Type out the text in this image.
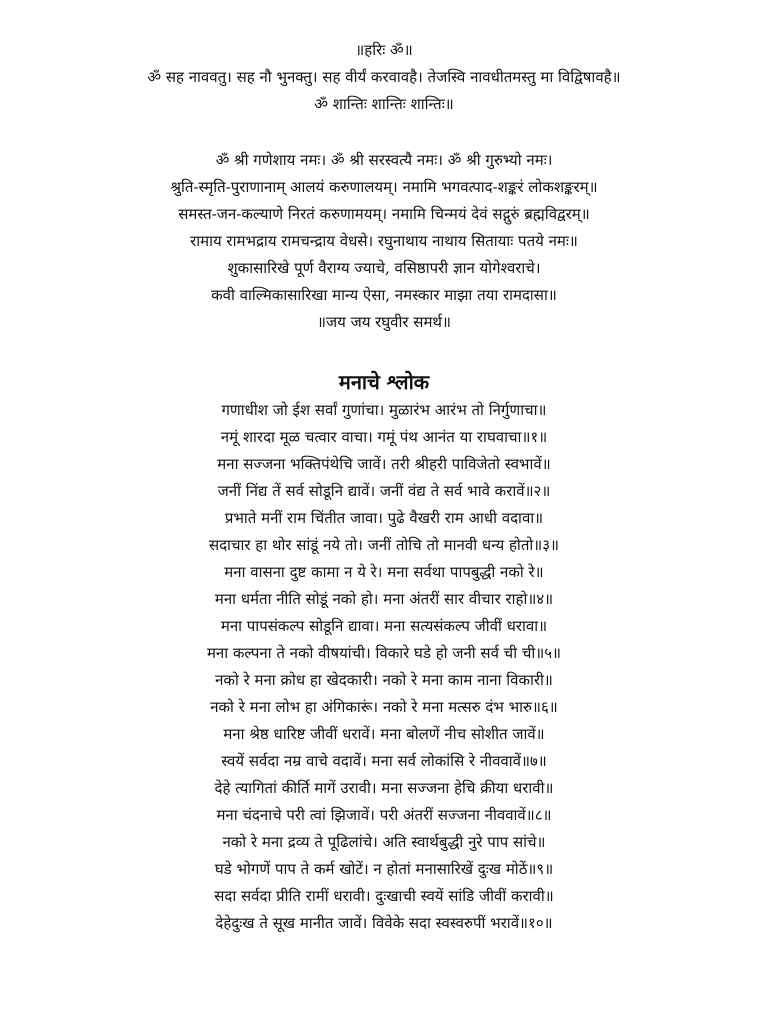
॥हरिः ॐ॥
ॐ सह नाववतु। सह नौ भुनक्तु। सह वीर्यं करवावहै। तेजस्वि नावधीतमस्तु मा विद्विषावहै॥
ॐ शान्तिः शान्तिः शान्तिः॥
ॐ श्री गणेशाय नमः। ॐ श्री सरस्वत्यै नमः। ॐ श्री गुरुभ्यो नमः।
श्रुति-स्मृति-पुराणानाम् आलयं करुणालयम्। नमामि भगवत्पाद-शङ्करं लोकशङ्करम्॥
समस्त-जन-कल्याणे निरतं करुणामयम्। नमामि चिन्मयं देवं सद्गुरुं ब्रह्मविद्वरम्॥
रामाय रामभद्राय रामचन्द्राय वेधसे। रघुनाथाय नाथाय सितायाः पतये नमः॥
शुकासारिखे पूर्ण वैराग्य ज्याचे, वसिष्ठापरी ज्ञान योगेश्वराचे।
कवी वाल्मिकासारिखा मान्य ऐसा, नमस्कार माझा तया रामदासा॥
॥जय जय रघुवीर समर्थ॥
मनाचे श्लोक
गणाधीश जो ईश सर्वां गुणांचा। मुळारंभ आरंभ तो निर्गुणाचा॥
नमूं शारदा मूळ चत्वार वाचा। गमूं पंथ आनंत या राघवाचा॥१॥
मना सज्जना भक्तिपंथेचि जावें। तरी श्रीहरी पाविजेतो स्वभावें॥
जनीं निंद्य तें सर्व सोडूनि द्यावें। जनीं वंद्य ते सर्व भावे करावें॥२॥
प्रभाते मनीं राम चिंतीत जावा। पुढे वैखरी राम आधी वदावा॥
सदाचार हा थोर सांडूं नये तो। जनीं तोचि तो मानवी धन्य होतो॥३॥
मना वासना दुष्ट कामा न ये रे। मना सर्वथा पापबुद्धी नको रे॥
मना धर्मता नीति सोडूं नको हो। मना अंतरीं सार वीचार राहो॥४॥
मना पापसंकल्प सोडूनि द्यावा। मना सत्यसंकल्प जीवीं धरावा॥
मना कल्पना ते नको वीषयांची। विकारे घडे हो जनी सर्व ची ची॥५॥
नको रे मना क्रोध हा खेदकारी। नको रे मना काम नाना विकारी॥
नको रे मना लोभ हा अंगिकारूं। नको रे मना मत्सरु दंभ भारु॥६॥
मना श्रेष्ठ धारिष्ट जीवीं धरावें। मना बोलणें नीच सोशीत जावें॥
स्वयें सर्वदा नम्र वाचे वदावें। मना सर्व लोकांसि रे नीववावें॥७॥
देहे त्यागितां कीर्ति मागें उरावी। मना सज्जना हेचि क्रीया धरावी॥
मना चंदनाचे परी त्वां झिजावें। परी अंतरीं सज्जना नीववावें॥८॥
नको रे मना द्रव्य ते पूढिलांचे। अति स्वार्थबुद्धी नुरे पाप सांचे॥
घडे भोगणें पाप ते कर्म खोटें। न होतां मनासारिखें दुःख मोठें॥९॥
सदा सर्वदा प्रीति रामीं धरावी। दुःखाची स्वयें सांडि जीवीं करावी॥
देहेदुःख ते सूख मानीत जावें। विवेके सदा स्वस्वरुपीं भरावें॥१०॥
